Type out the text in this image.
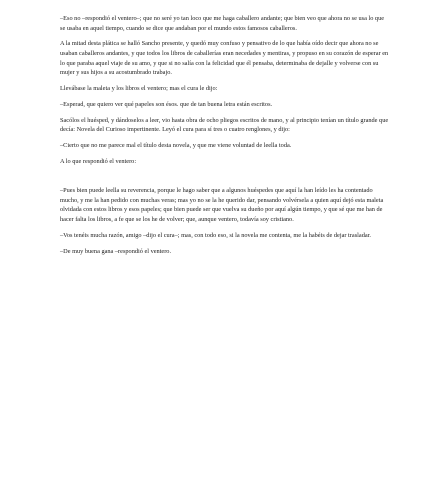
–Eso no –respondió el ventero–; que no seré yo tan loco que me haga caballero andante; que bien veo que ahora no se usa lo que se usaba en aquel tiempo, cuando se dice que andaban por el mundo estos famosos caballeros.

A la mitad desta plática se halló Sancho presente, y quedó muy confuso y pensativo de lo que había oído decir que ahora no se usaban caballeros andantes, y que todos los libros de caballerías eran necedades y mentiras, y propuso en su corazón de esperar en lo que paraba aquel viaje de su amo, y que si no salía con la felicidad que él pensaba, determinaba de dejalle y volverse con su mujer y sus hijos a su acostumbrado trabajo.

Llevábase la maleta y los libros el ventero; mas el cura le dijo:

–Esperad, que quiero ver qué papeles son ésos. que de tan buena letra están escritos.

Sacólos el huésped, y dándoselos a leer, vio hasta obra de ocho pliegos escritos de mano, y al principio tenían un título grande que decía: Novela del Curioso impertinente. Leyó el cura para sí tres o cuatro renglones, y dijo:

–Cierto que no me parece mal el título desta novela, y que me viene voluntad de leella toda.

A lo que respondió el ventero:

–Pues bien puede leella su reverencia, porque le hago saber que a algunos huéspedes que aquí la han leído les ha contentado mucho, y me la han pedido con muchas veras; mas yo no se la he querido dar, pensando volvérsela a quien aquí dejó esta maleta olvidada con estos libros y esos papeles; que bien puede ser que vuelva su dueño por aquí algún tiempo, y que sé que me han de hacer falta los libros, a fe que se los he de volver; que, aunque ventero, todavía soy cristiano.

–Vos tenéis mucha razón, amigo –dijo el cura–; mas, con todo eso, si la novela me contenta, me la habéis de dejar trasladar.

–De muy buena gana –respondió el ventero.
